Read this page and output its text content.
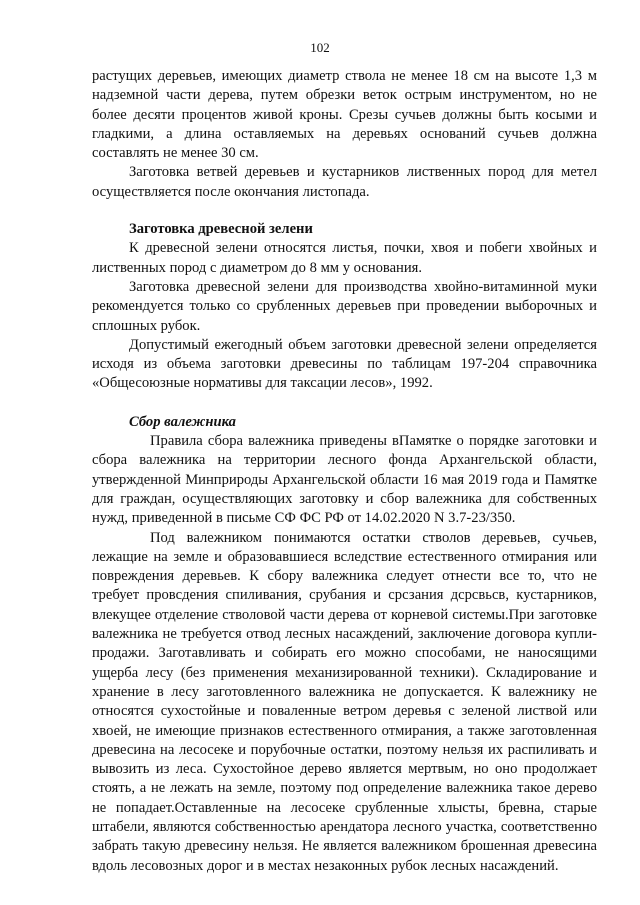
102

растущих деревьев, имеющих диаметр ствола не менее 18 см на высоте 1,3 м надземной части дерева, путем обрезки веток острым инструментом, но не более десяти процентов живой кроны. Срезы сучьев должны быть косыми и гладкими, а длина оставляемых на деревьях оснований сучьев должна составлять не менее 30 см.

Заготовка ветвей деревьев и кустарников лиственных пород для метел осуществляется после окончания листопада.

Заготовка древесной зелени

К древесной зелени относятся листья, почки, хвоя и побеги хвойных и лиственных пород с диаметром до 8 мм у основания.

Заготовка древесной зелени для производства хвойно-витаминной муки рекомендуется только со срубленных деревьев при проведении выборочных и сплошных рубок.

Допустимый ежегодный объем заготовки древесной зелени определяется исходя из объема заготовки древесины по таблицам 197-204 справочника «Общесоюзные нормативы для таксации лесов», 1992.

Сбор валежника

Правила сбора валежника приведены вПамятке о порядке заготовки и сбора валежника на территории лесного фонда Архангельской области, утвержденной Минприроды Архангельской области 16 мая 2019 года и Памятке для граждан, осуществляющих заготовку и сбор валежника для собственных нужд, приведенной в письме СФ ФС РФ от 14.02.2020 N 3.7-23/350.

Под валежником понимаются остатки стволов деревьев, сучьев, лежащие на земле и образовавшиеся вследствие естественного отмирания или повреждения деревьев. К сбору валежника следует отнести все то, что не требует провсдения спиливания, срубания и срсзания дсрсвьсв, кустарников, влекущее отделение стволовой части дерева от корневой системы.При заготовке валежника не требуется отвод лесных насаждений, заключение договора купли-продажи. Заготавливать и собирать его можно способами, не наносящими ущерба лесу (без применения механизированной техники). Складирование и хранение в лесу заготовленного валежника не допускается. К валежнику не относятся сухостойные и поваленные ветром деревья с зеленой листвой или хвоей, не имеющие признаков естественного отмирания, а также заготовленная древесина на лесосеке и порубочные остатки, поэтому нельзя их распиливать и вывозить из леса. Сухостойное дерево является мертвым, но оно продолжает стоять, а не лежать на земле, поэтому под определение валежника такое дерево не попадает.Оставленные на лесосеке срубленные хлысты, бревна, старые штабели, являются собственностью арендатора лесного участка, соответственно забрать такую древесину нельзя. Не является валежником брошенная древесина вдоль лесовозных дорог и в местах незаконных рубок лесных насаждений.
